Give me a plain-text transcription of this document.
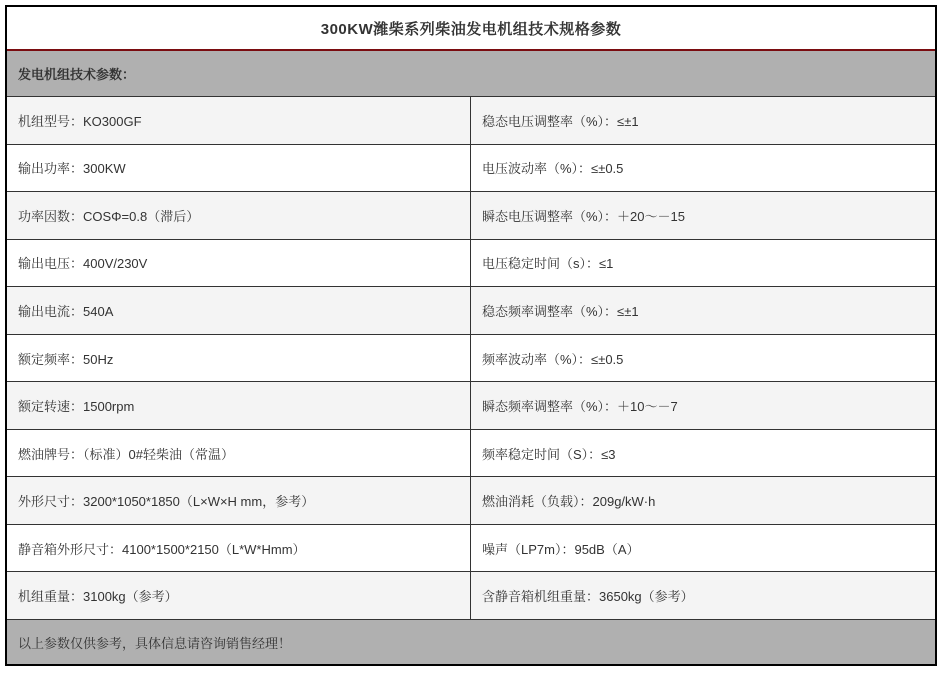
300KW潍柴系列柴油发电机组技术规格参数
发电机组技术参数：
机组型号：KO300GF	稳态电压调整率（%）：≤±1
输出功率：300KW	电压波动率（%）：≤±0.5
功率因数：COSΦ=0.8（滞后）	瞬态电压调整率（%）：＋20～－15
输出电压：400V/230V	电压稳定时间（s）：≤1
输出电流：540A	稳态频率调整率（%）：≤±1
额定频率：50Hz	频率波动率（%）：≤±0.5
额定转速：1500rpm	瞬态频率调整率（%）：＋10～－7
燃油牌号：（标准）0#轻柴油（常温）	频率稳定时间（S）：≤3
外形尺寸：3200*1050*1850（L×W×H mm，参考）	燃油消耗（负载）：209g/kW·h
静音箱外形尺寸：4100*1500*2150（L*W*Hmm）	噪声（LP7m）：95dB（A）
机组重量：3100kg（参考）	含静音箱机组重量：3650kg（参考）
以上参数仅供参考，具体信息请咨询销售经理！
